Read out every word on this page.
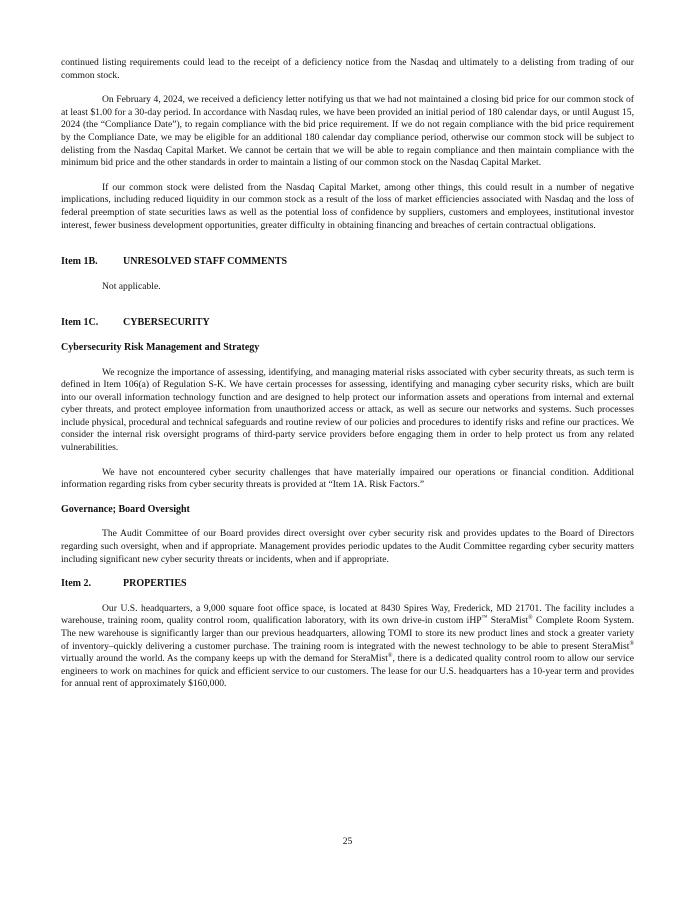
continued listing requirements could lead to the receipt of a deficiency notice from the Nasdaq and ultimately to a delisting from trading of our common stock.

On February 4, 2024, we received a deficiency letter notifying us that we had not maintained a closing bid price for our common stock of at least $1.00 for a 30-day period. In accordance with Nasdaq rules, we have been provided an initial period of 180 calendar days, or until August 15, 2024 (the “Compliance Date”), to regain compliance with the bid price requirement. If we do not regain compliance with the bid price requirement by the Compliance Date, we may be eligible for an additional 180 calendar day compliance period, otherwise our common stock will be subject to delisting from the Nasdaq Capital Market. We cannot be certain that we will be able to regain compliance and then maintain compliance with the minimum bid price and the other standards in order to maintain a listing of our common stock on the Nasdaq Capital Market.

If our common stock were delisted from the Nasdaq Capital Market, among other things, this could result in a number of negative implications, including reduced liquidity in our common stock as a result of the loss of market efficiencies associated with Nasdaq and the loss of federal preemption of state securities laws as well as the potential loss of confidence by suppliers, customers and employees, institutional investor interest, fewer business development opportunities, greater difficulty in obtaining financing and breaches of certain contractual obligations.

Item 1B.	UNRESOLVED STAFF COMMENTS

Not applicable.

Item 1C.	CYBERSECURITY
Cybersecurity Risk Management and Strategy

We recognize the importance of assessing, identifying, and managing material risks associated with cyber security threats, as such term is defined in Item 106(a) of Regulation S-K. We have certain processes for assessing, identifying and managing cyber security risks, which are built into our overall information technology function and are designed to help protect our information assets and operations from internal and external cyber threats, and protect employee information from unauthorized access or attack, as well as secure our networks and systems. Such processes include physical, procedural and technical safeguards and routine review of our policies and procedures to identify risks and refine our practices. We consider the internal risk oversight programs of third-party service providers before engaging them in order to help protect us from any related vulnerabilities.

We have not encountered cyber security challenges that have materially impaired our operations or financial condition. Additional information regarding risks from cyber security threats is provided at “Item 1A. Risk Factors.”

Governance; Board Oversight

The Audit Committee of our Board provides direct oversight over cyber security risk and provides updates to the Board of Directors regarding such oversight, when and if appropriate. Management provides periodic updates to the Audit Committee regarding cyber security matters including significant new cyber security threats or incidents, when and if appropriate.

Item 2.	PROPERTIES

Our U.S. headquarters, a 9,000 square foot office space, is located at 8430 Spires Way, Frederick, MD 21701. The facility includes a warehouse, training room, quality control room, qualification laboratory, with its own drive-in custom iHP™ SteraMist® Complete Room System. The new warehouse is significantly larger than our previous headquarters, allowing TOMI to store its new product lines and stock a greater variety of inventory–quickly delivering a customer purchase. The training room is integrated with the newest technology to be able to present SteraMist® virtually around the world. As the company keeps up with the demand for SteraMist®, there is a dedicated quality control room to allow our service engineers to work on machines for quick and efficient service to our customers. The lease for our U.S. headquarters has a 10-year term and provides for annual rent of approximately $160,000.

25
